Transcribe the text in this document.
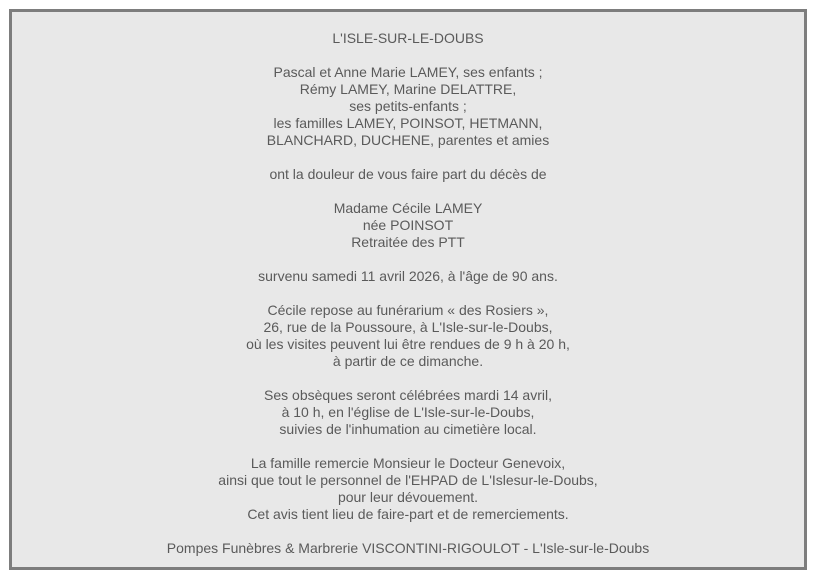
L'ISLE-SUR-LE-DOUBS
Pascal et Anne Marie LAMEY, ses enfants ;
Rémy LAMEY, Marine DELATTRE,
ses petits-enfants ;
les familles LAMEY, POINSOT, HETMANN,
BLANCHARD, DUCHENE, parentes et amies
ont la douleur de vous faire part du décès de
Madame Cécile LAMEY
née POINSOT
Retraitée des PTT
survenu samedi 11 avril 2026, à l'âge de 90 ans.
Cécile repose au funérarium « des Rosiers »,
26, rue de la Poussoure, à L'Isle-sur-le-Doubs,
où les visites peuvent lui être rendues de 9 h à 20 h,
à partir de ce dimanche.
Ses obsèques seront célébrées mardi 14 avril,
à 10 h, en l'église de L'Isle-sur-le-Doubs,
suivies de l'inhumation au cimetière local.
La famille remercie Monsieur le Docteur Genevoix,
ainsi que tout le personnel de l'EHPAD de L'Islesur-le-Doubs,
pour leur dévouement.
Cet avis tient lieu de faire-part et de remerciements.
Pompes Funèbres & Marbrerie VISCONTINI-RIGOULOT - L'Isle-sur-le-Doubs
